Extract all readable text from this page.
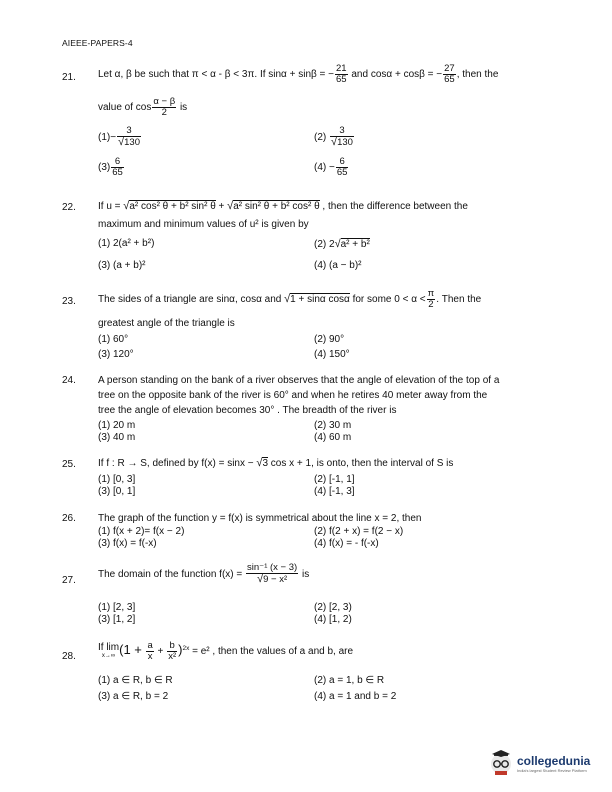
AIEEE-PAPERS-4
21. Let α, β be such that π < α - β < 3π. If sinα + sinβ = − $\frac{21}{65}$ and cosα + cosβ = − $\frac{27}{65}$ , then the
value of $\cos \frac{\alpha - \beta}{2}$ is
$(1)- \frac{3}{√130}$	$(2) \frac{3}{√130}$
$(3) \frac{6}{65}$	$(4) - \frac{6}{65}$
22. If u = √a² cos² θ + b² sin² θ + √a² sin² θ + b² cos² θ , then the difference between the
maximum and minimum values of u² is given by
(1) 2(a² + b²)	(2) 2√a² + b²
(3) (a + b)²	(4) (a − b)²
23. The sides of a triangle are sinα, cosα and √1 + sinα cosα for some $0 < \alpha < \frac{\pi}{2}$ . Then the
greatest angle of the triangle is
(1) 60°	(2) 90°
(3) 120°	(4) 150°
24. A person standing on the bank of a river observes that the angle of elevation of the top of a
tree on the opposite bank of the river is 60° and when he retires 40 meter away from the
tree the angle of elevation becomes 30° . The breadth of the river is
(1) 20 m	(2) 30 m
(3) 40 m	(4) 60 m
25. If f : R → S, defined by f(x) = sinx − √3 cos x + 1, is onto, then the interval of S is
(1) [0, 3]	(2) [-1, 1]
(3) [0, 1]	(4) [-1, 3]
26. The graph of the function y = f(x) is symmetrical about the line x = 2, then
(1) f(x + 2)= f(x − 2)	(2) f(2 + x) = f(2 − x)
(3) f(x) = f(-x)	(4) f(x) = - f(-x)
27.
The domain of the function $f(x) = \frac{\text{sin⁻¹ (x − 3)}}{\text{√9 − x²}}$ is
(1) [2, 3]	(2) [2, 3)
(3) [1, 2]	(4) [1, 2)
28.
If lim
x→∞ $(1 + \frac{a}{x} + \frac{b}{\text{x²}} )^{2x} = e^2$ , then the values of a and b, are
(1) a ∈ R, b ∈ R	(2) a = 1, b ∈ R
(3) a ∈ R, b = 2	(4) a = 1 and b = 2
collegedunia
India's largest Student Review Platform
